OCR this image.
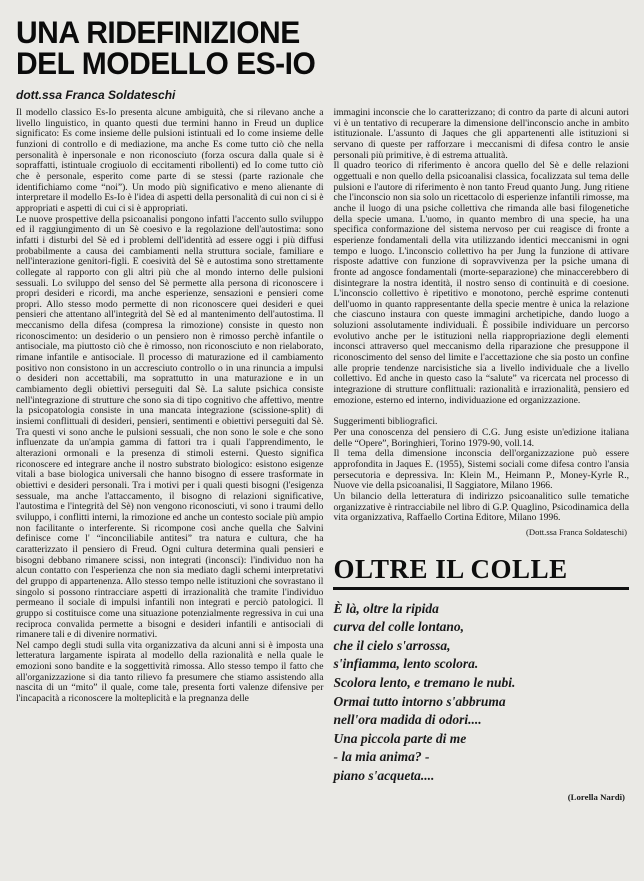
UNA RIDEFINIZIONE
DEL MODELLO ES-IO
dott.ssa Franca Soldateschi

Il modello classico Es-Io presenta alcune ambiguità, che si rilevano anche a livello linguistico, in quanto questi due termini hanno in Freud un duplice significato: Es come insieme delle pulsioni istintuali ed Io come insieme delle funzioni di controllo e di mediazione, ma anche Es come tutto ciò che nella personalità è inpersonale e non riconosciuto (forza oscura dalla quale si è sopraffatti, istintuale crogiuolo di eccitamenti ribollenti) ed Io come tutto ciò che è personale, esperito come parte di se stessi (parte razionale che identifichiamo come “noi”). Un modo più significativo e meno alienante di interpretare il modello Es-Io è l'idea di aspetti della personalità di cui non ci si è appropriati e aspetti di cui ci si è appropriati.

Le nuove prospettive della psicoanalisi pongono infatti l'accento sullo sviluppo ed il raggiungimento di un Sè coesivo e la regolazione dell'autostima: sono infatti i disturbi del Sè ed i problemi dell'identità ad essere oggi i più diffusi probabilmente a causa dei cambiamenti nella struttura sociale, familiare e nell'interazione genitori-figli. E coesività del Sè e autostima sono strettamente collegate al rapporto con gli altri più che al mondo interno delle pulsioni sessuali. Lo sviluppo del senso del Sè permette alla persona di riconoscere i propri desideri e ricordi, ma anche esperienze, sensazioni e pensieri come propri. Allo stesso modo permette di non riconoscere quei desideri e quei pensieri che attentano all'integrità del Sè ed al mantenimento dell'autostima. Il meccanismo della difesa (compresa la rimozione) consiste in questo non riconoscimento: un desiderio o un pensiero non è rimosso perchè infantile o antisociale, ma piuttosto ciò che è rimosso, non riconosciuto e non rielaborato, rimane infantile e antisociale. Il processo di maturazione ed il cambiamento positivo non consistono in un accresciuto controllo o in una rinuncia a impulsi o desideri non accettabili, ma soprattutto in una maturazione e in un cambiamento degli obiettivi perseguiti dal Sè. La salute psichica consiste nell'integrazione di strutture che sono sia di tipo cognitivo che affettivo, mentre la psicopatologia consiste in una mancata integrazione (scissione-split) di insiemi conflittuali di desideri, pensieri, sentimenti e obiettivi perseguiti dal Sè. Tra questi vi sono anche le pulsioni sessuali, che non sono le sole e che sono influenzate da un'ampia gamma di fattori tra i quali l'apprendimento, le alterazioni ormonali e la presenza di stimoli esterni. Questo significa riconoscere ed integrare anche il nostro substrato biologico: esistono esigenze vitali a base biologica universali che hanno bisogno di essere trasformate in obiettivi e desideri personali. Tra i motivi per i quali questi bisogni (l'esigenza sessuale, ma anche l'attaccamento, il bisogno di relazioni significative, l'autostima e l'integrità del Sè) non vengono riconosciuti, vi sono i traumi dello sviluppo, i conflitti interni, la rimozione ed anche un contesto sociale più ampio non facilitante o interferente. Si ricompone così anche quella che Salvini definisce come l' “inconciliabile antitesi” tra natura e cultura, che ha caratterizzato il pensiero di Freud. Ogni cultura determina quali pensieri e bisogni debbano rimanere scissi, non integrati (inconsci): l'individuo non ha alcun contatto con l'esperienza che non sia mediato dagli schemi interpretativi del gruppo di appartenenza. Allo stesso tempo nelle istituzioni che sovrastano il singolo si possono rintracciare aspetti di irrazionalità che tramite l'individuo permeano il sociale di impulsi infantili non integrati e perciò patologici. Il gruppo si costituisce come una situazione potenzialmente regressiva in cui una reciproca convalida permette a bisogni e desideri infantili e antisociali di rimanere tali e di divenire normativi.

Nel campo degli studi sulla vita organizzativa da alcuni anni si è imposta una letteratura largamente ispirata al modello della razionalità e nella quale le emozioni sono bandite e la soggettività rimossa. Allo stesso tempo il fatto che all'organizzazione si dia tanto rilievo fa presumere che stiamo assistendo alla nascita di un “mito” il quale, come tale, presenta forti valenze difensive per l'incapacità a riconoscere la molteplicità e la pregnanza delle

immagini inconscie che lo caratterizzano; di contro da parte di alcuni autori vi è un tentativo di recuperare la dimensione dell'inconscio anche in ambito istituzionale. L'assunto di Jaques che gli appartenenti alle istituzioni si servano di queste per rafforzare i meccanismi di difesa contro le ansie personali più primitive, è di estrema attualità.

Il quadro teorico di riferimento è ancora quello del Sè e delle relazioni oggettuali e non quello della psicoanalisi classica, focalizzata sul tema delle pulsioni e l'autore di riferimento è non tanto Freud quanto Jung. Jung ritiene che l'inconscio non sia solo un ricettacolo di esperienze infantili rimosse, ma anche il luogo di una psiche collettiva che rimanda alle basi filogenetiche della specie umana. L'uomo, in quanto membro di una specie, ha una specifica conformazione del sistema nervoso per cui reagisce di fronte a esperienze fondamentali della vita utilizzando identici meccanismi in ogni tempo e luogo. L'inconscio collettivo ha per Jung la funzione di attivare risposte adattive con funzione di sopravvivenza per la psiche umana di fronte ad angosce fondamentali (morte-separazione) che minaccerebbero di disintegrare la nostra identità, il nostro senso di continuità e di coesione. L'inconscio collettivo è ripetitivo e monotono, perchè esprime contenuti dell'uomo in quanto rappresentante della specie mentre è unica la relazione che ciascuno instaura con queste immagini archetipiche, dando luogo a soluzioni assolutamente individuali. È possibile individuare un percorso evolutivo anche per le istituzioni nella riappropriazione degli elementi inconsci attraverso quel meccanismo della riparazione che presuppone il riconoscimento del senso del limite e l'accettazione che sia posto un confine alle proprie tendenze narcisistiche sia a livello individuale che a livello collettivo. Ed anche in questo caso la “salute” va ricercata nel processo di integrazione di strutture conflittuali: razionalità e irrazionalità, pensiero ed emozione, esterno ed interno, individuazione ed organizzazione.

Suggerimenti bibliografici.

Per una conoscenza del pensiero di C.G. Jung esiste un'edizione italiana delle “Opere”, Boringhieri, Torino 1979-90, voll.14.

Il tema della dimensione inconscia dell'organizzazione può essere approfondita in Jaques E. (1955), Sistemi sociali come difesa contro l'ansia persecutoria e depressiva. In: Klein M., Heimann P., Money-Kyrle R., Nuove vie della psicoanalisi, Il Saggiatore, Milano 1966.

Un bilancio della letteratura di indirizzo psicoanalitico sulle tematiche organizzative è rintracciabile nel libro di G.P. Quaglino, Psicodinamica della vita organizzativa, Raffaello Cortina Editore, Milano 1996.

(Dott.ssa Franca Soldateschi)
OLTRE IL COLLE
È là, oltre la ripida
curva del colle lontano,
che il cielo s'arrossa,
s'infiamma, lento scolora.
Scolora lento, e tremano le nubi.
Ormai tutto intorno s'abbruma
nell'ora madida di odori....
Una piccola parte di me
- la mia anima? -
piano s'acqueta....
(Lorella Nardi)
